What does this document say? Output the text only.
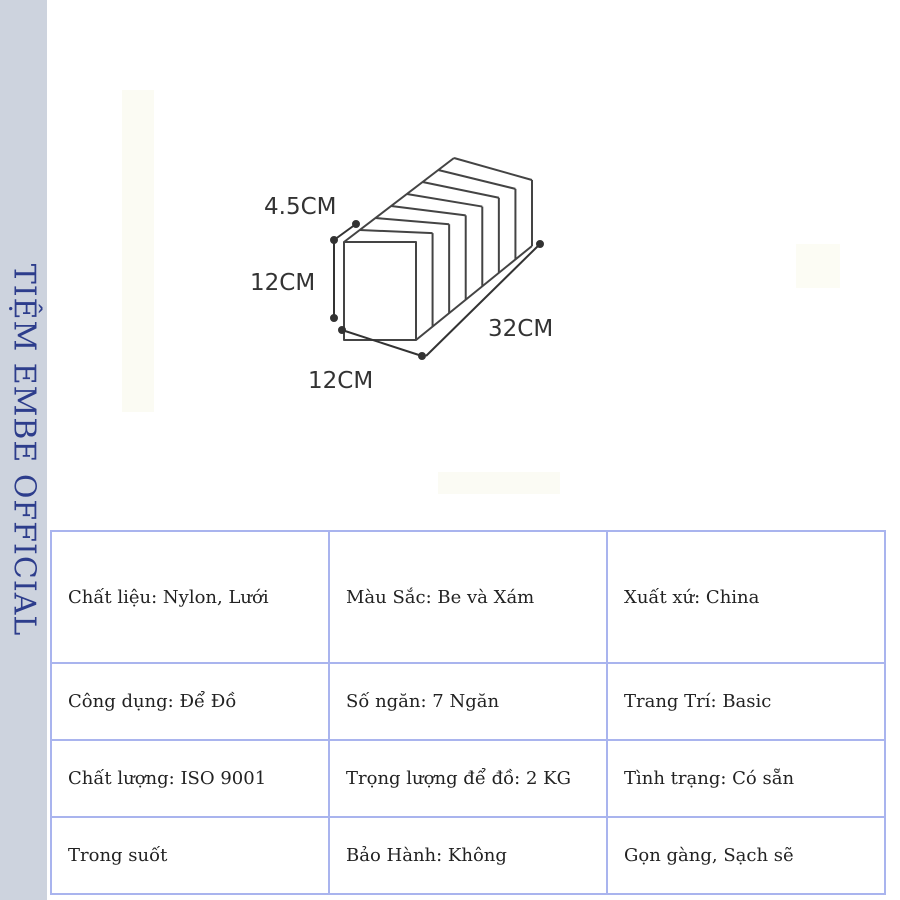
TIỆM EMBE OFFICIAL
4.5CM
12CM
32CM
12CM
Chất liệu: Nylon, Lưới	Màu Sắc: Be và Xám	Xuất xứ: China
Công dụng: Để Đồ	Số ngăn: 7 Ngăn	Trang Trí: Basic
Chất lượng: ISO 9001	Trọng lượng để đồ: 2 KG	Tình trạng: Có sẵn
Trong suốt	Bảo Hành: Không	Gọn gàng, Sạch sẽ
